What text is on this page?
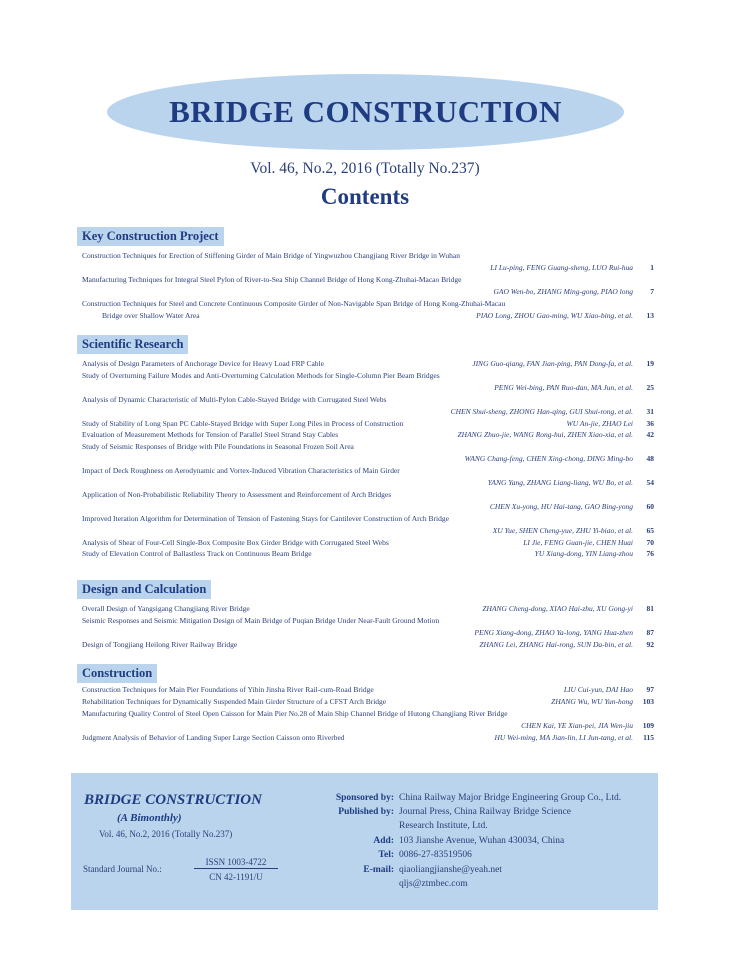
BRIDGE CONSTRUCTION
Vol. 46, No.2, 2016 (Totally No.237)
Contents
Key Construction Project
Scientific Research
Design and Calculation
Construction
Construction Techniques for Erection of Stiffening Girder of Main Bridge of Yingwuzhou Changjiang River Bridge in Wuhan
LI Lu-ping, FENG Guang-sheng, LUO Rui-hua	1
Manufacturing Techniques for Integral Steel Pylon of River-to-Sea Ship Channel Bridge of Hong Kong-Zhuhai-Macao Bridge
GAO Wen-bo, ZHANG Ming-gong, PIAO long	7
Construction Techniques for Steel and Concrete Continuous Composite Girder of Non-Navigable Span Bridge of Hong Kong-Zhuhai-Macau
Bridge over Shallow Water Area	PIAO Long, ZHOU Gao-ming, WU Xiao-bing, et al.	13
Analysis of Design Parameters of Anchorage Device for Heavy Load FRP Cable	JING Guo-qiang, FAN Jian-ping, PAN Dong-fa, et al.	19
Study of Overturning Failure Modes and Anti-Overturning Calculation Methods for Single-Column Pier Beam Bridges
PENG Wei-bing, PAN Ruo-dan, MA Jun, et al.	25
Analysis of Dynamic Characteristic of Multi-Pylon Cable-Stayed Bridge with Corrugated Steel Webs
CHEN Shui-sheng, ZHONG Han-qing, GUI Shui-rong, et al.	31
Study of Stability of Long Span PC Cable-Stayed Bridge with Super Long Piles in Process of Construction	WU An-jie, ZHAO Lei	36
Evaluation of Measurement Methods for Tension of Parallel Steel Strand Stay Cables	ZHANG Zhuo-jie, WANG Rong-hui, ZHEN Xiao-xia, et al.	42
Study of Seismic Responses of Bridge with Pile Foundations in Seasonal Frozen Soil Area
WANG Chang-feng, CHEN Xing-chong, DING Ming-bo	48
Impact of Deck Roughness on Aerodynamic and Vortex-Induced Vibration Characteristics of Main Girder
YANG Yang, ZHANG Liang-liang, WU Bo, et al.	54
Application of Non-Probabilistic Reliability Theory to Assessment and Reinforcement of Arch Bridges
CHEN Xu-yong, HU Hai-tang, GAO Bing-yong	60
Improved Iteration Algorithm for Determination of Tension of Fastening Stays for Cantilever Construction of Arch Bridge
XU Yue, SHEN Cheng-yue, ZHU Yi-biao, et al.	65
Analysis of Shear of Four-Cell Single-Box Composite Box Girder Bridge with Corrugated Steel Webs	LI Jie, FENG Guan-jie, CHEN Huai	70
Study of Elevation Control of Ballastless Track on Continuous Beam Bridge	YU Xiang-dong, YIN Liang-zhou	76
Overall Design of Yangsigang Changjiang River Bridge	ZHANG Cheng-dong, XIAO Hai-zhu, XU Gong-yi	81
Seismic Responses and Seismic Mitigation Design of Main Bridge of Puqian Bridge Under Near-Fault Ground Motion
PENG Xiang-dong, ZHAO Ya-long, YANG Hua-zhen	87
Design of Tongjiang Heilong River Railway Bridge	ZHANG Lei, ZHANG Hai-rong, SUN Da-bin, et al.	92
Construction Techniques for Main Pier Foundations of Yibin Jinsha River Rail-cum-Road Bridge	LIU Cui-yun, DAI Hao	97
Rehabilitation Techniques for Dynamically Suspended Main Girder Structure of a CFST Arch Bridge	ZHANG Wu, WU Yun-hong	103
Manufacturing Quality Control of Steel Open Caisson for Main Pier No.28 of Main Ship Channel Bridge of Hutong Changjiang River Bridge
CHEN Kai, YE Xian-pei, JIA Wen-jiu	109
Judgment Analysis of Behavior of Landing Super Large Section Caisson onto Riverbed	HU Wei-ming, MA Jian-lin, LI Jun-tang, et al.	115
BRIDGE CONSTRUCTION
(A Bimonthly)
Vol. 46, No.2, 2016 (Totally No.237)
Standard Journal No.:
ISSN 1003-4722
CN 42-1191/U
Sponsored by: China Railway Major Bridge Engineering Group Co., Ltd.
Published by: Journal Press, China Railway Bridge Science
Research Institute, Ltd.
Add: 103 Jianshe Avenue, Wuhan 430034, China
Tel: 0086-27-83519506
E-mail: qiaoliangjianshe@yeah.net
qljs@ztmbec.com
